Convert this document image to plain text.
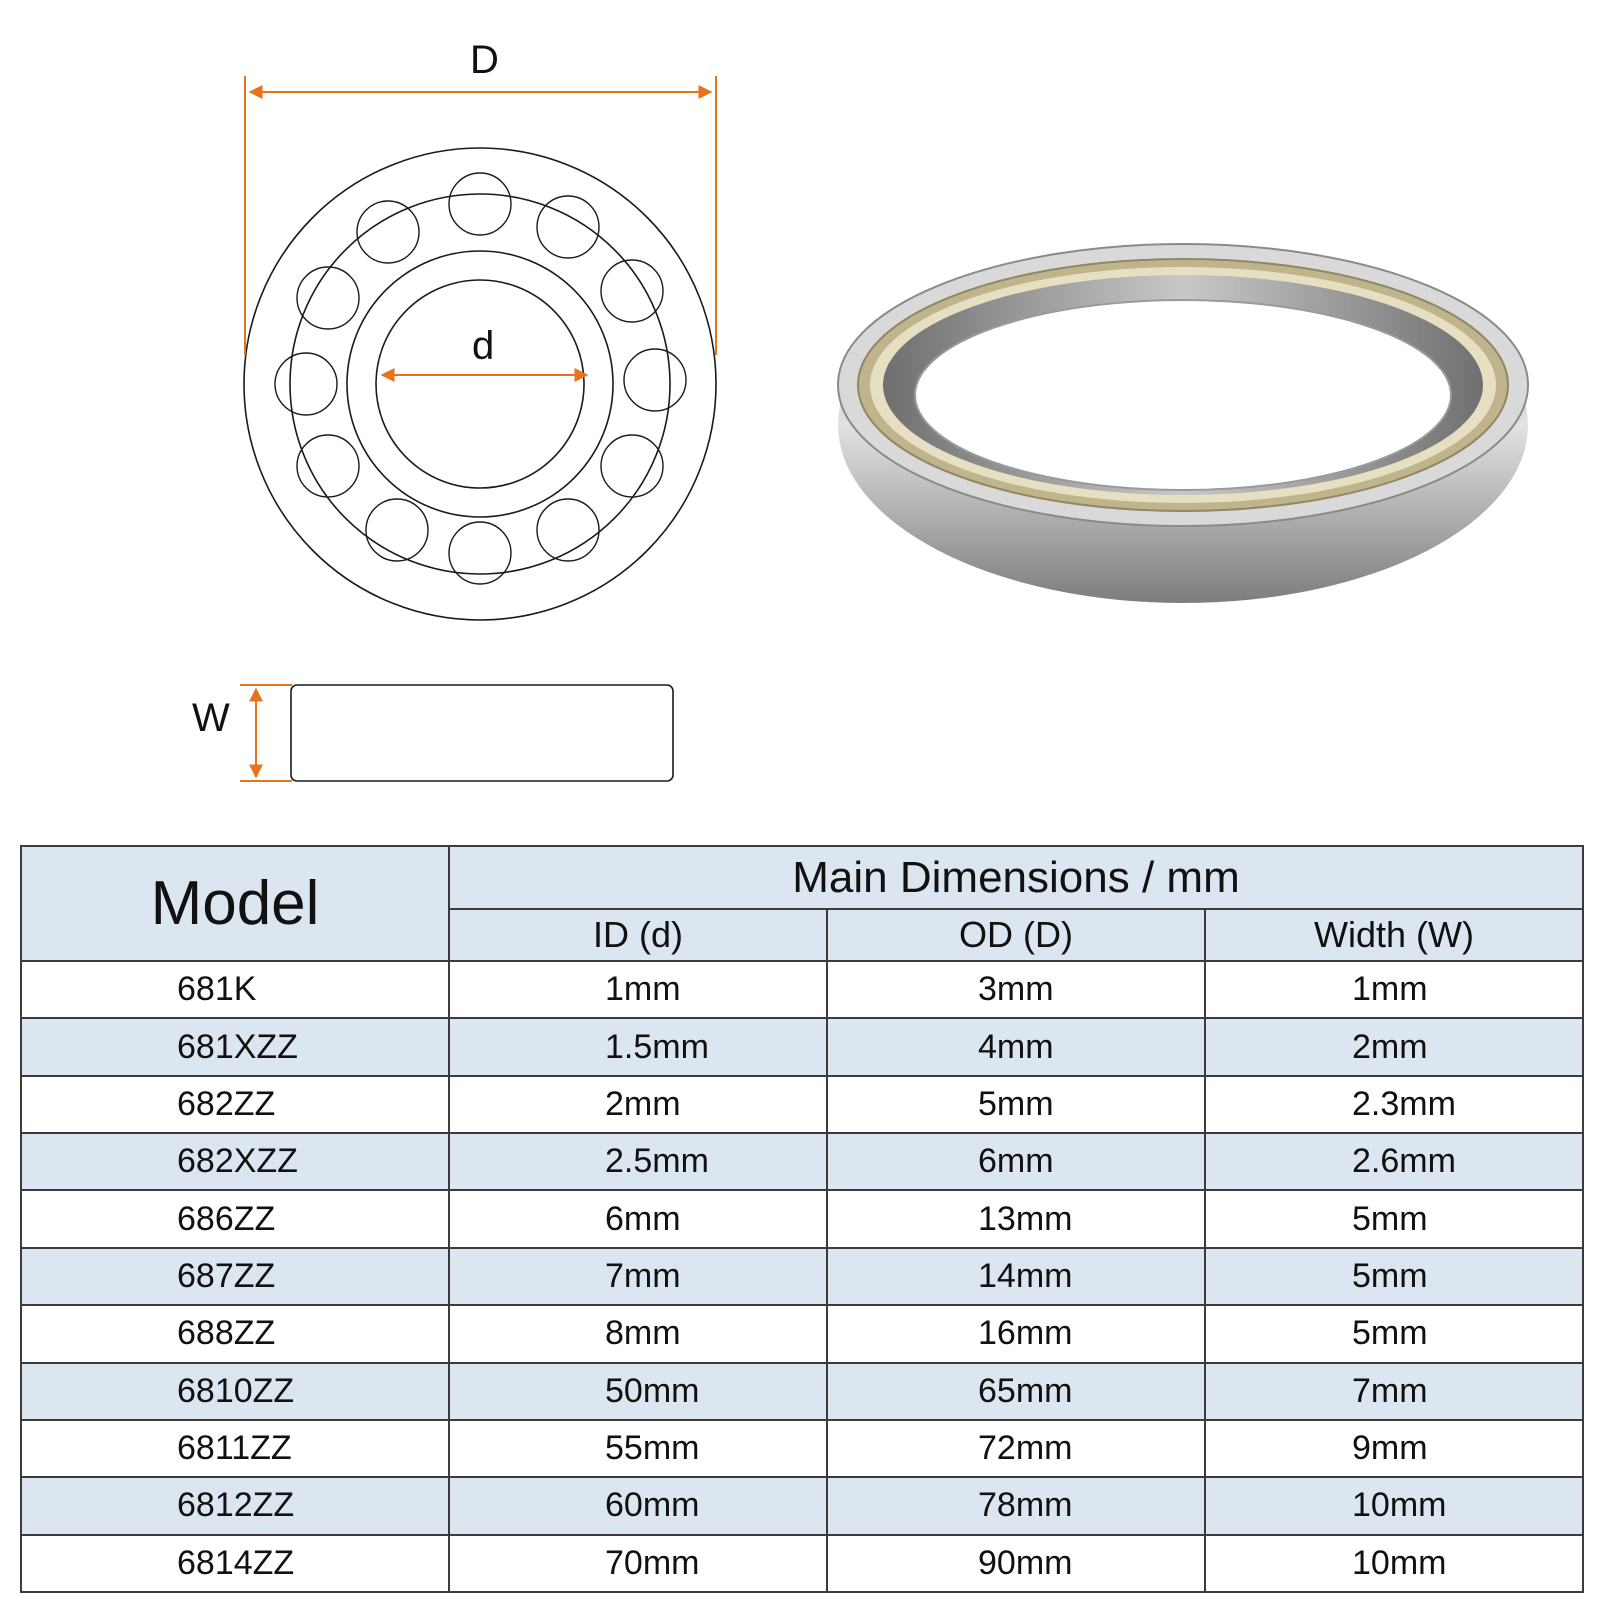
D
d
W
Model	Main Dimensions / mm		
	ID (d)	OD (D)	Width (W)
681K	1mm	3mm	1mm
681XZZ	1.5mm	4mm	2mm
682ZZ	2mm	5mm	2.3mm
682XZZ	2.5mm	6mm	2.6mm
686ZZ	6mm	13mm	5mm
687ZZ	7mm	14mm	5mm
688ZZ	8mm	16mm	5mm
6810ZZ	50mm	65mm	7mm
6811ZZ	55mm	72mm	9mm
6812ZZ	60mm	78mm	10mm
6814ZZ	70mm	90mm	10mm
